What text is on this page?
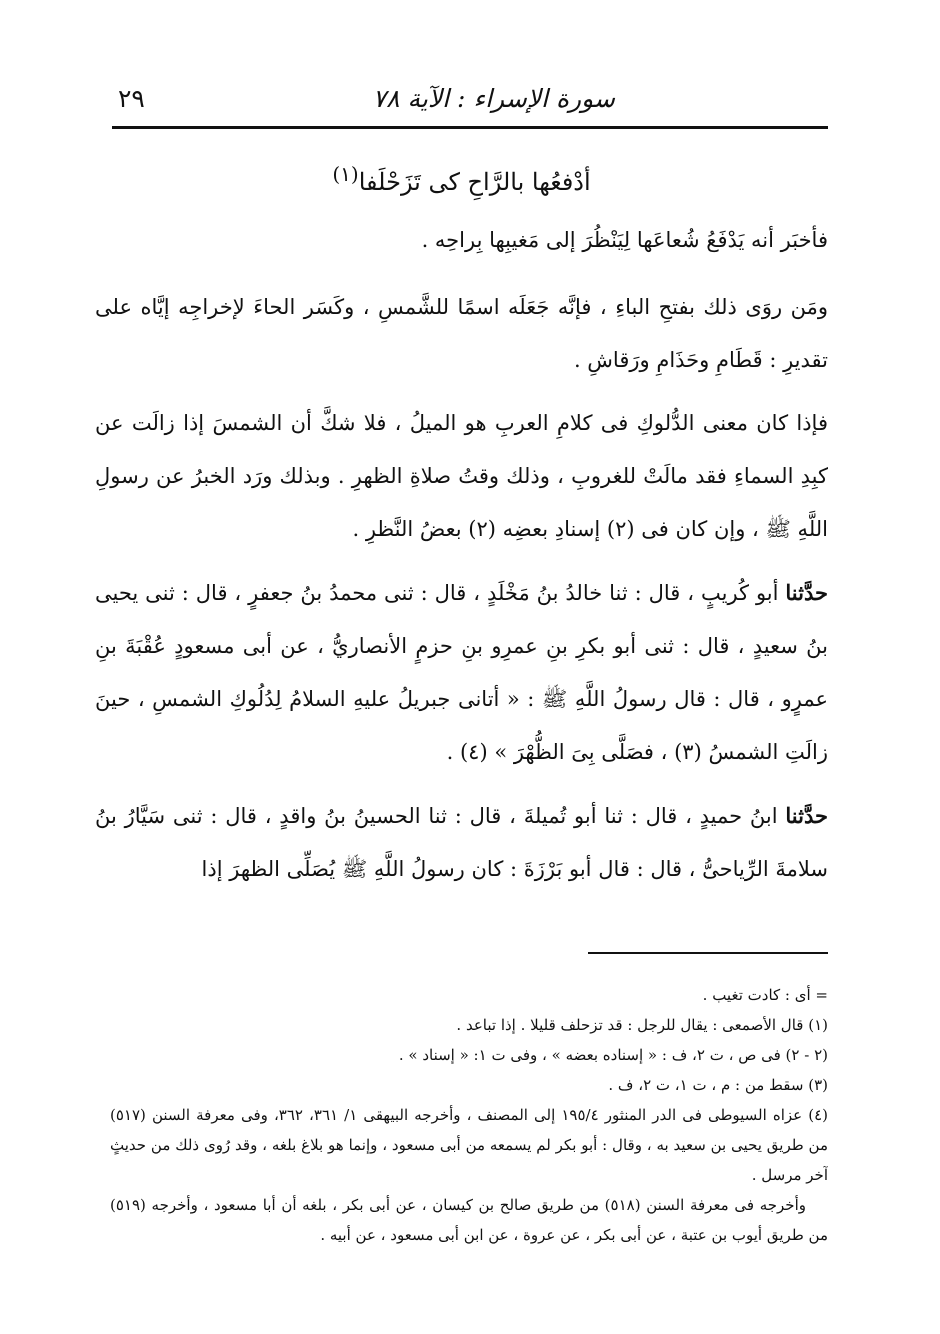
سورة الإسراء : الآية ٧٨
٢٩

أدْفعُها بالرَّاحِ كى تَزَحْلَفا$^{(١)}$

فأخبَر أنه يَدْفَعُ شُعاعَها لِيَنْظُرَ إلى مَغيبِها بِراحِه .

ومَن روَى ذلك بفتحِ الباءِ ، فإنَّه جَعَلَه اسمًا للشَّمسِ ، وكَسَر الحاءَ لإخراجِه إيَّاه على تقديرِ : قَطَامِ وحَذَامِ ورَقاشِ .

فإذا كان معنى الدُّلوكِ فى كلامِ العربِ هو الميلُ ، فلا شكَّ أن الشمسَ إذا زالَت عن كبِدِ السماءِ فقد مالَتْ للغروبِ ، وذلك وقتُ صلاةِ الظهرِ . وبذلك ورَد الخبرُ عن رسولِ اللَّهِ ﷺ ، وإن كان فى (٢) إسنادِ بعضِه (٢) بعضُ النَّظرِ .

حدَّثنا أبو كُريبٍ ، قال : ثنا خالدُ بنُ مَخْلَدٍ ، قال : ثنى محمدُ بنُ جعفرٍ ، قال : ثنى يحيى بنُ سعيدٍ ، قال : ثنى أبو بكرِ بنِ عمرِو بنِ حزمٍ الأنصاريُّ ، عن أبى مسعودٍ عُقْبَةَ بنِ عمرٍو ، قال : قال رسولُ اللَّهِ ﷺ : « أتانى جبريلُ عليهِ السلامُ لِدُلُوكِ الشمسِ ، حينَ زالَتِ الشمسُ (٣) ، فصَلَّى بِىَ الظُّهْرَ » (٤) .

حدَّثنا ابنُ حميدٍ ، قال : ثنا أبو تُميلةَ ، قال : ثنا الحسينُ بنُ واقدٍ ، قال : ثنى سَيَّارُ بنُ سلامةَ الرِّياحىُّ ، قال : قال أبو بَرْزَةَ : كان رسولُ اللَّهِ ﷺ يُصَلِّى الظهرَ إذا

= أى : كادت تغيب .

(١) قال الأصمعى : يقال للرجل : قد تزحلف قليلا . إذا تباعد .

(٢ - ٢) فى ص ، ت ٢، ف : « إسناده بعضه » ، وفى ت ١: « إسناد » .

(٣) سقط من : م ، ت ١، ت ٢، ف .

(٤) عزاه السيوطى فى الدر المنثور ١٩٥/٤ إلى المصنف ، وأخرجه البيهقى ١/ ٣٦١، ٣٦٢، وفى معرفة السنن (٥١٧) من طريق يحيى بن سعيد به ، وقال : أبو بكر لم يسمعه من أبى مسعود ، وإنما هو بلاغ بلغه ، وقد رُوى ذلك من حديثٍ آخر مرسل .

وأخرجه فى معرفة السنن (٥١٨) من طريق صالح بن كيسان ، عن أبى بكر ، بلغه أن أبا مسعود ، وأخرجه (٥١٩) من طريق أيوب بن عتبة ، عن أبى بكر ، عن عروة ، عن ابن أبى مسعود ، عن أبيه .
